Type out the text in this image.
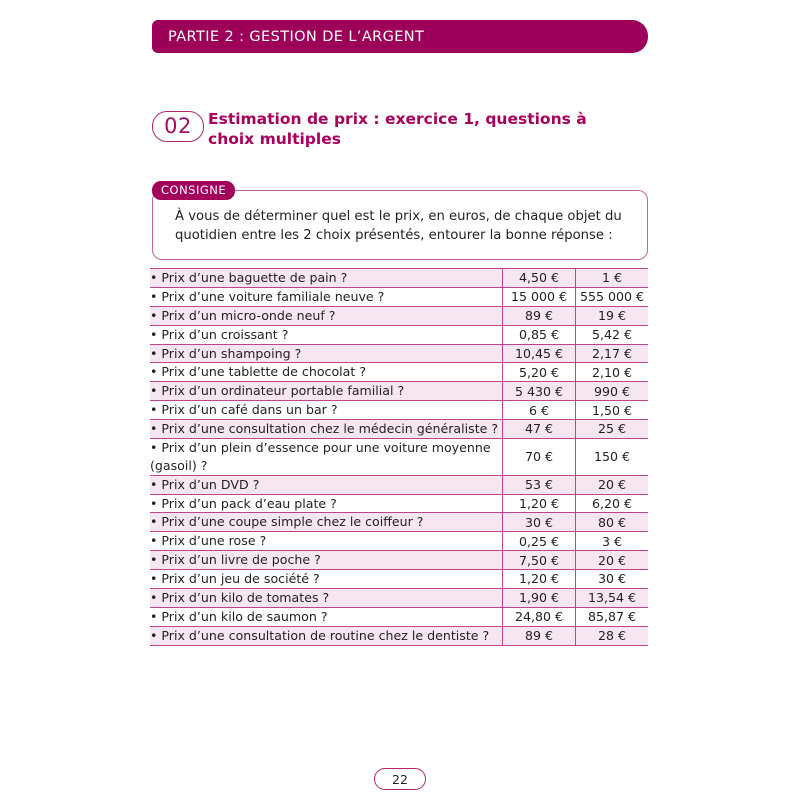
PARTIE 2 : GESTION DE L’ARGENT
02 Estimation de prix : exercice 1, questions à choix multiples
À vous de déterminer quel est le prix, en euros, de chaque objet du quotidien entre les 2 choix présentés, entourer la bonne réponse :
CONSIGNE
• Prix d’une baguette de pain ?	4,50 €	1 €
• Prix d’une voiture familiale neuve ?	15 000 €	555 000 €
• Prix d’un micro-onde neuf ?	89 €	19 €
• Prix d’un croissant ?	0,85 €	5,42 €
• Prix d’un shampoing ?	10,45 €	2,17 €
• Prix d’une tablette de chocolat ?	5,20 €	2,10 €
• Prix d’un ordinateur portable familial ?	5 430 €	990 €
• Prix d’un café dans un bar ?	6 €	1,50 €
• Prix d’une consultation chez le médecin généraliste ?	47 €	25 €
• Prix d’un plein d’essence pour une voiture moyenne (gasoil) ?	70 €	150 €
• Prix d’un DVD ?	53 €	20 €
• Prix d’un pack d’eau plate ?	1,20 €	6,20 €
• Prix d’une coupe simple chez le coiffeur ?	30 €	80 €
• Prix d’une rose ?	0,25 €	3 €
• Prix d’un livre de poche ?	7,50 €	20 €
• Prix d’un jeu de société ?	1,20 €	30 €
• Prix d’un kilo de tomates ?	1,90 €	13,54 €
• Prix d’un kilo de saumon ?	24,80 €	85,87 €
• Prix d’une consultation de routine chez le dentiste ?	89 €	28 €
22
